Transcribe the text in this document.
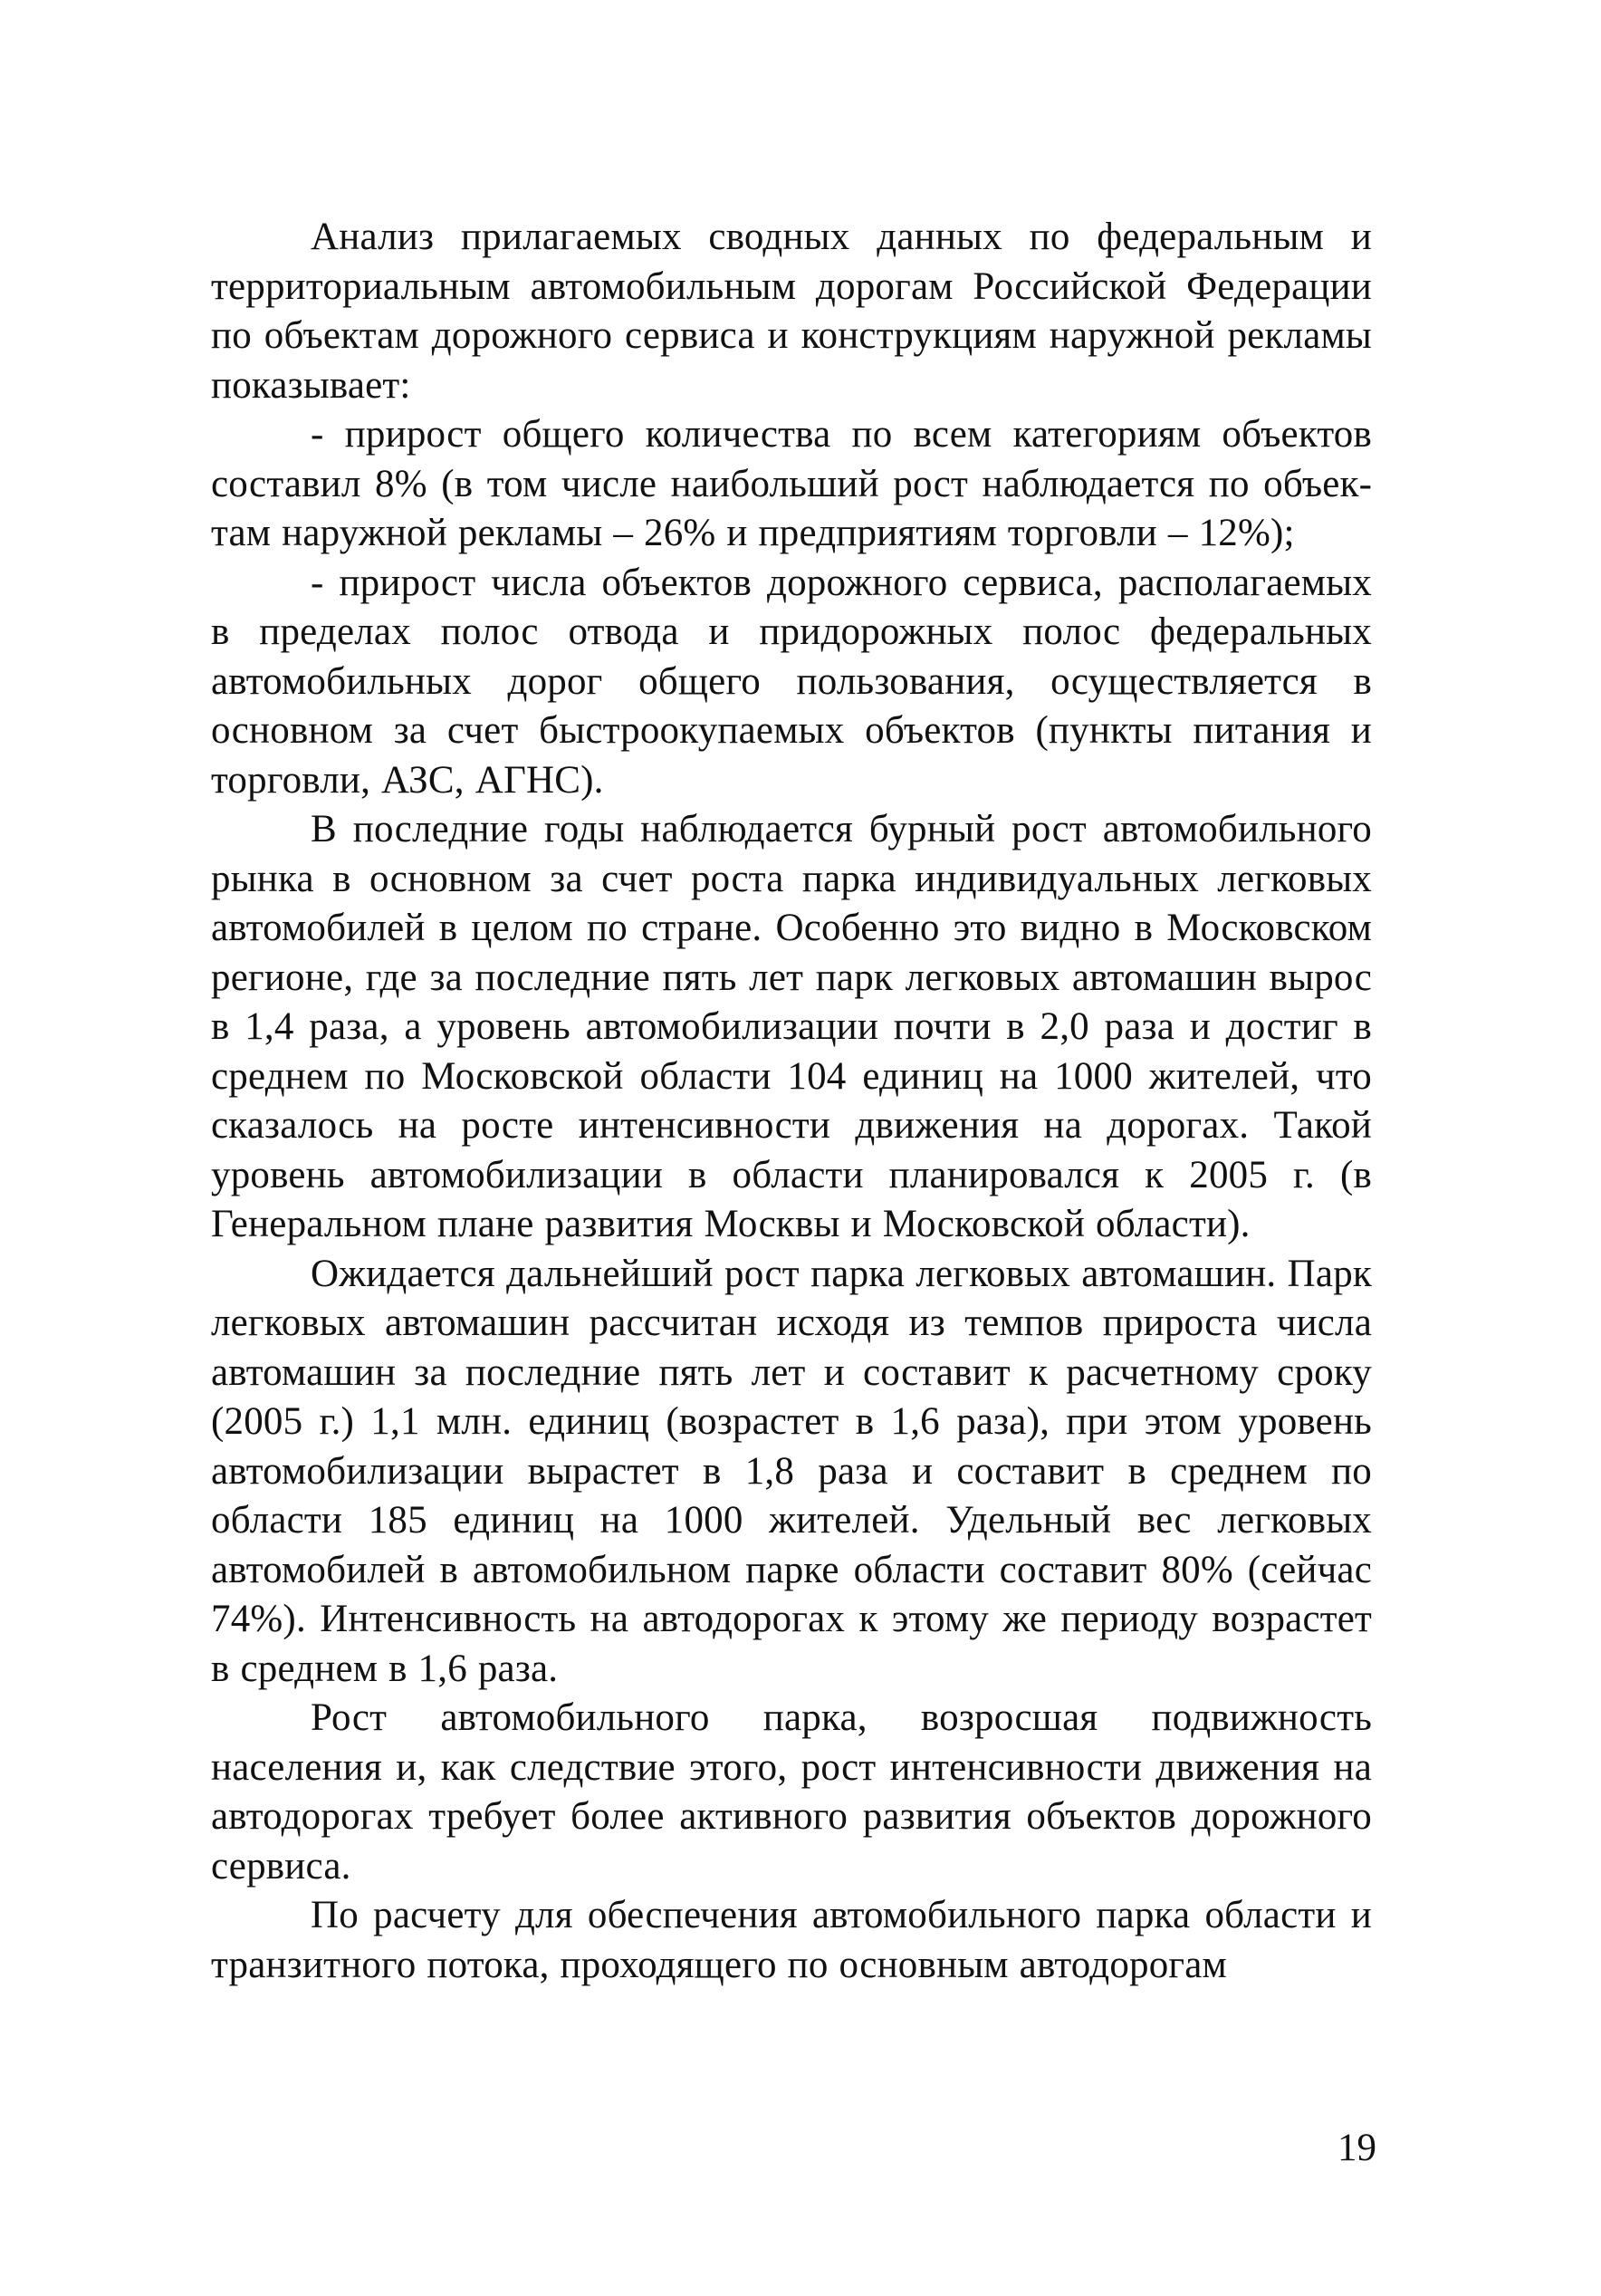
Анализ прилагаемых сводных данных по федеральным и территориальным автомобильным дорогам Российской Федерации по объектам дорожного сервиса и конструкциям наружной рекламы показывает:

- прирост общего количества по всем категориям объектов составил 8% (в том числе наибольший рост наблюдается по объектам наружной рекламы – 26% и предприятиям торговли – 12%);

- прирост числа объектов дорожного сервиса, располагаемых в пределах полос отвода и придорожных полос федеральных автомобильных дорог общего пользования, осуществляется в основном за счет быстроокупаемых объектов (пункты питания и торговли, АЗС, АГНС).

В последние годы наблюдается бурный рост автомобильного рынка в основном за счет роста парка индивидуальных легковых автомобилей в целом по стране. Особенно это видно в Московском регионе, где за последние пять лет парк легковых автомашин вырос в 1,4 раза, а уровень автомобилизации почти в 2,0 раза и достиг в среднем по Московской области 104 единиц на 1000 жителей, что сказалось на росте интенсивности движения на дорогах. Такой уровень автомобилизации в области планировался к 2005 г. (в Генеральном плане развития Москвы и Московской области).

Ожидается дальнейший рост парка легковых автомашин. Парк легковых автомашин рассчитан исходя из темпов прироста числа автомашин за последние пять лет и составит к расчетному сроку (2005 г.) 1,1 млн. единиц (возрастет в 1,6 раза), при этом уровень автомобилизации вырастет в 1,8 раза и составит в среднем по области 185 единиц на 1000 жителей. Удельный вес легковых автомобилей в автомобильном парке области составит 80% (сейчас 74%). Интенсивность на автодорогах к этому же периоду возрастет в среднем в 1,6 раза.

Рост автомобильного парка, возросшая подвижность населения и, как следствие этого, рост интенсивности движения на автодорогах требует более активного развития объектов дорожного сервиса.

По расчету для обеспечения автомобильного парка области и транзитного потока, проходящего по основным автодорогам

19
